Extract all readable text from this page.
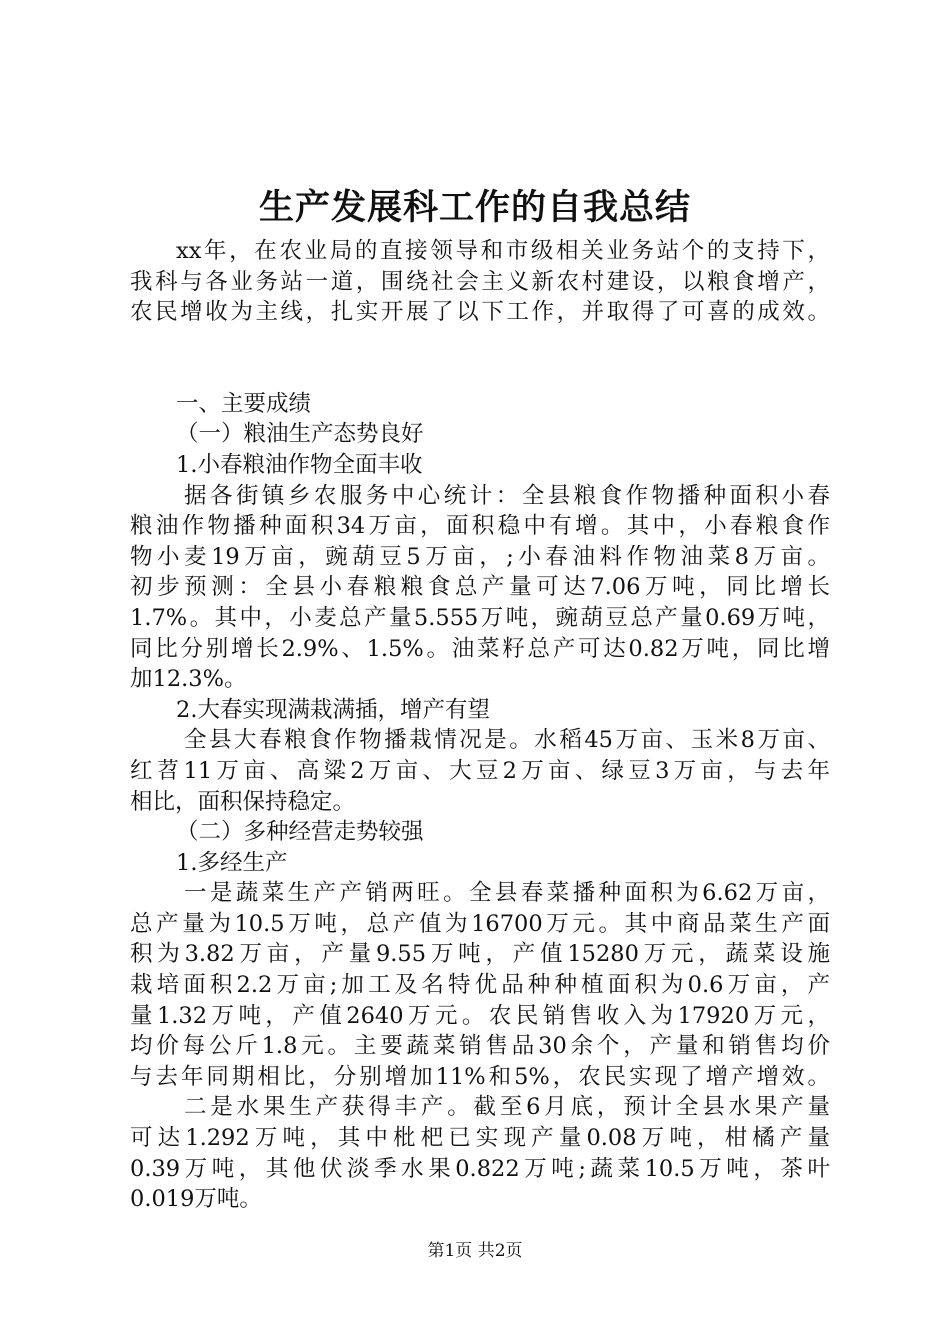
生产发展科工作的自我总结
xx年，在农业局的直接领导和市级相关业务站个的支持下，
我科与各业务站一道，围绕社会主义新农村建设，以粮食增产，
农民增收为主线，扎实开展了以下工作，并取得了可喜的成效。
一、主要成绩
（一）粮油生产态势良好
1.小春粮油作物全面丰收
据各街镇乡农服务中心统计：全县粮食作物播种面积小春
粮油作物播种面积34万亩，面积稳中有增。其中，小春粮食作
物小麦19万亩，豌葫豆5万亩，;小春油料作物油菜8万亩。
初步预测：全县小春粮粮食总产量可达7.06万吨，同比增长
1.7%。其中，小麦总产量5.555万吨，豌葫豆总产量0.69万吨，
同比分别增长2.9%、1.5%。油菜籽总产可达0.82万吨，同比增
加12.3%。
2.大春实现满栽满插，增产有望
全县大春粮食作物播栽情况是。水稻45万亩、玉米8万亩、
红苕11万亩、高粱2万亩、大豆2万亩、绿豆3万亩，与去年
相比，面积保持稳定。
（二）多种经营走势较强
1.多经生产
一是蔬菜生产产销两旺。全县春菜播种面积为6.62万亩，
总产量为10.5万吨，总产值为16700万元。其中商品菜生产面
积为3.82万亩，产量9.55万吨，产值15280万元，蔬菜设施
栽培面积2.2万亩;加工及名特优品种种植面积为0.6万亩，产
量1.32万吨，产值2640万元。农民销售收入为17920万元，
均价每公斤1.8元。主要蔬菜销售品30余个，产量和销售均价
与去年同期相比，分别增加11%和5%，农民实现了增产增效。
二是水果生产获得丰产。截至6月底，预计全县水果产量
可达1.292万吨，其中枇杷已实现产量0.08万吨，柑橘产量
0.39万吨，其他伏淡季水果0.822万吨;蔬菜10.5万吨，茶叶
0.019万吨。
第1页 共2页
